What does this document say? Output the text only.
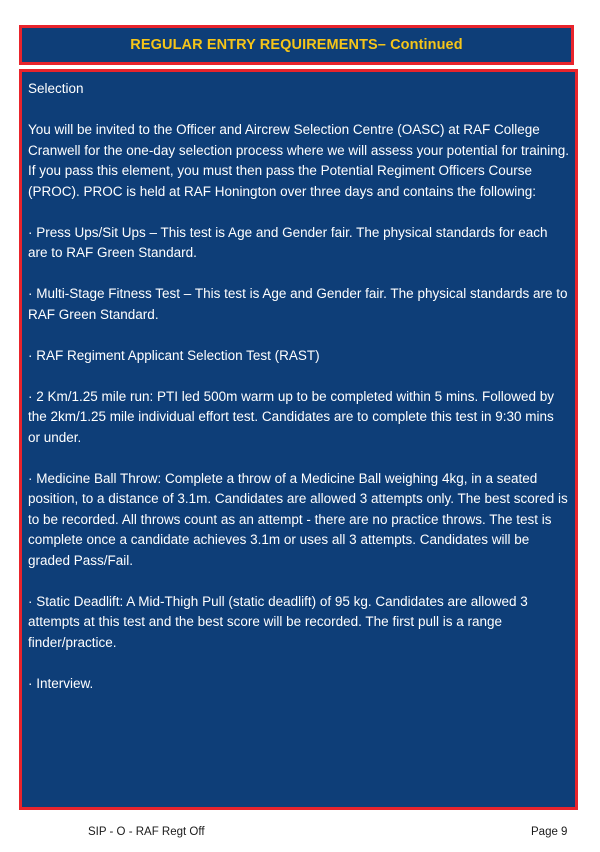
REGULAR ENTRY REQUIREMENTS– Continued

Selection

You will be invited to the Officer and Aircrew Selection Centre (OASC) at RAF College Cranwell for the one-day selection process where we will assess your potential for training. If you pass this element, you must then pass the Potential Regiment Officers Course (PROC). PROC is held at RAF Honington over three days and contains the following:

· Press Ups/Sit Ups – This test is Age and Gender fair. The physical standards for each are to RAF Green Standard.

· Multi-Stage Fitness Test – This test is Age and Gender fair. The physical standards are to RAF Green Standard.

· RAF Regiment Applicant Selection Test (RAST)

· 2 Km/1.25 mile run: PTI led 500m warm up to be completed within 5 mins. Followed by the 2km/1.25 mile individual effort test. Candidates are to complete this test in 9:30 mins or under.

· Medicine Ball Throw: Complete a throw of a Medicine Ball weighing 4kg, in a seated position, to a distance of 3.1m. Candidates are allowed 3 attempts only. The best scored is to be recorded. All throws count as an attempt - there are no practice throws. The test is complete once a candidate achieves 3.1m or uses all 3 attempts. Candidates will be graded Pass/Fail.

· Static Deadlift: A Mid-Thigh Pull (static deadlift) of 95 kg. Candidates are allowed 3 attempts at this test and the best score will be recorded. The first pull is a range finder/practice.

· Interview.

SIP - O - RAF Regt Off	Page 9
